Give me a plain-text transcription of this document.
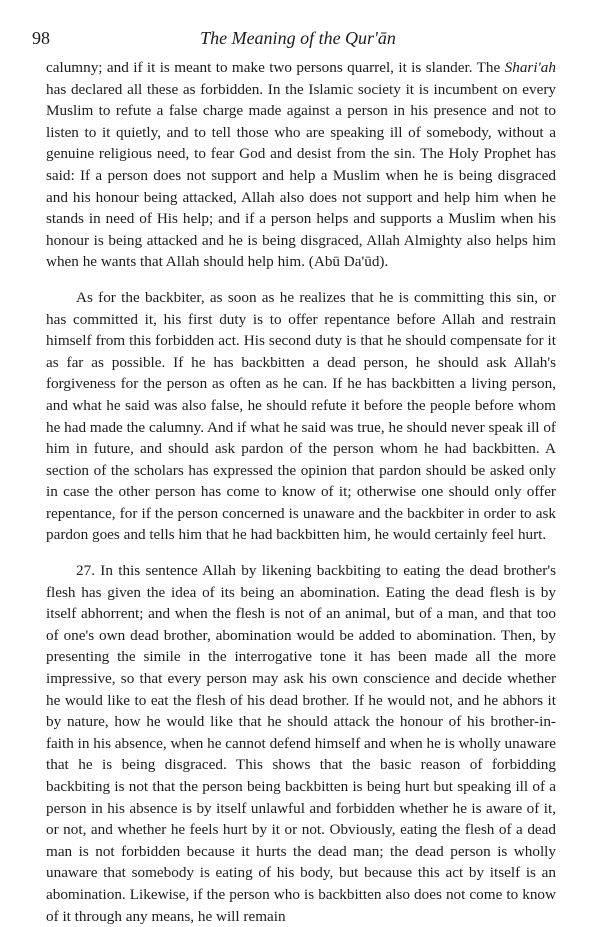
98	The Meaning of the Qur'ān

calumny; and if it is meant to make two persons quarrel, it is slander. The Shari'ah has declared all these as forbidden. In the Islamic society it is incumbent on every Muslim to refute a false charge made against a person in his presence and not to listen to it quietly, and to tell those who are speaking ill of somebody, without a genuine religious need, to fear God and desist from the sin. The Holy Prophet has said: If a person does not support and help a Muslim when he is being disgraced and his honour being attacked, Allah also does not support and help him when he stands in need of His help; and if a person helps and supports a Muslim when his honour is being attacked and he is being disgraced, Allah Almighty also helps him when he wants that Allah should help him. (Abū Da'ūd).

As for the backbiter, as soon as he realizes that he is committing this sin, or has committed it, his first duty is to offer repentance before Allah and restrain himself from this forbidden act. His second duty is that he should compensate for it as far as possible. If he has backbitten a dead person, he should ask Allah's forgiveness for the person as often as he can. If he has backbitten a living person, and what he said was also false, he should refute it before the people before whom he had made the calumny. And if what he said was true, he should never speak ill of him in future, and should ask pardon of the person whom he had backbitten. A section of the scholars has expressed the opinion that pardon should be asked only in case the other person has come to know of it; otherwise one should only offer repentance, for if the person concerned is unaware and the backbiter in order to ask pardon goes and tells him that he had backbitten him, he would certainly feel hurt.

27. In this sentence Allah by likening backbiting to eating the dead brother's flesh has given the idea of its being an abomination. Eating the dead flesh is by itself abhorrent; and when the flesh is not of an animal, but of a man, and that too of one's own dead brother, abomination would be added to abomination. Then, by presenting the simile in the interrogative tone it has been made all the more impressive, so that every person may ask his own conscience and decide whether he would like to eat the flesh of his dead brother. If he would not, and he abhors it by nature, how he would like that he should attack the honour of his brother-in-faith in his absence, when he cannot defend himself and when he is wholly unaware that he is being disgraced. This shows that the basic reason of forbidding backbiting is not that the person being backbitten is being hurt but speaking ill of a person in his absence is by itself unlawful and forbidden whether he is aware of it, or not, and whether he feels hurt by it or not. Obviously, eating the flesh of a dead man is not forbidden because it hurts the dead man; the dead person is wholly unaware that somebody is eating of his body, but because this act by itself is an abomination. Likewise, if the person who is backbitten also does not come to know of it through any means, he will remain
